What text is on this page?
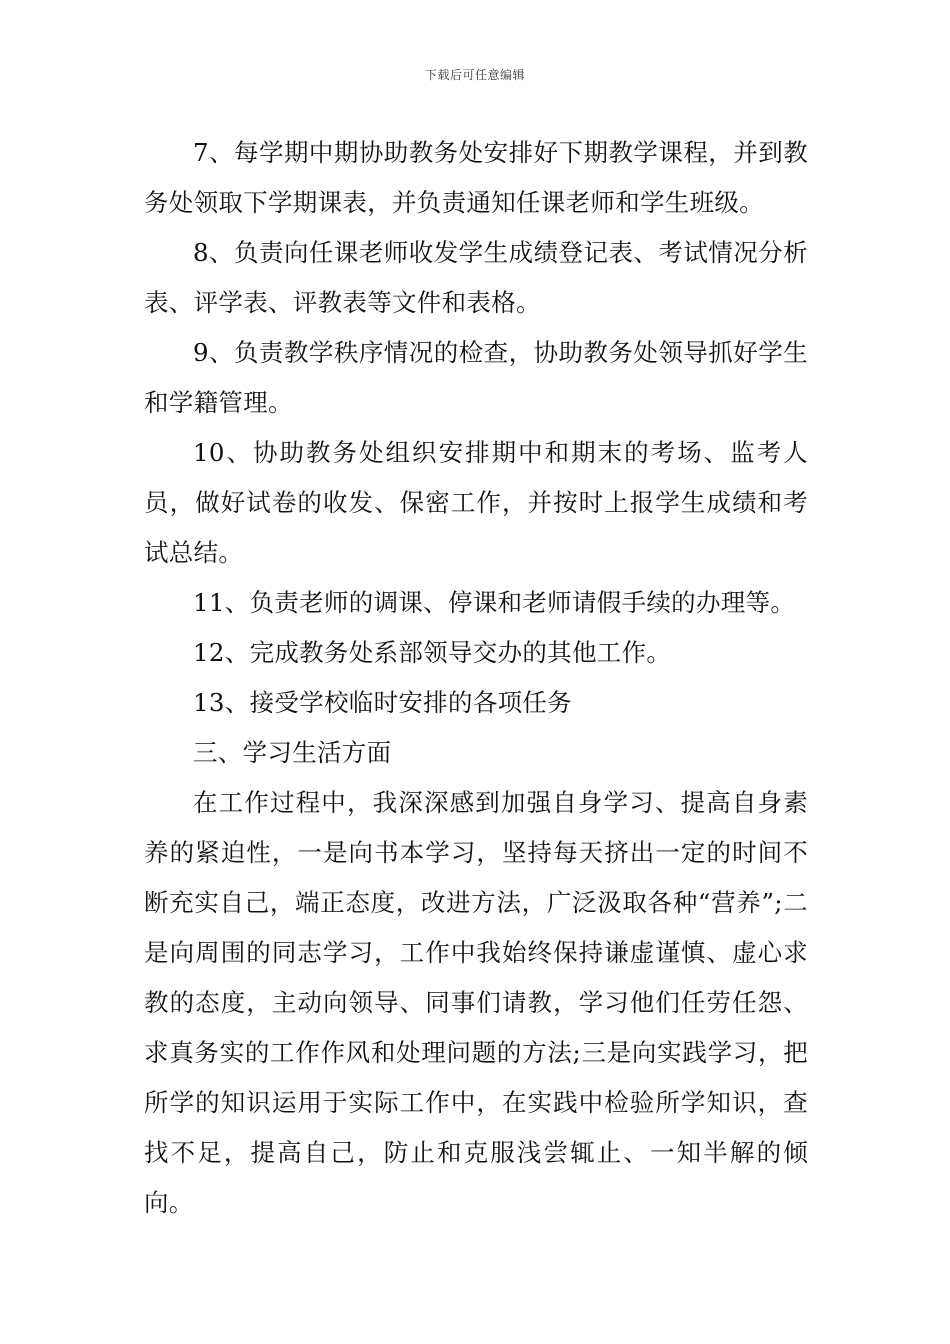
下载后可任意编辑

7、每学期中期协助教务处安排好下期教学课程，并到教务处领取下学期课表，并负责通知任课老师和学生班级。

8、负责向任课老师收发学生成绩登记表、考试情况分析表、评学表、评教表等文件和表格。

9、负责教学秩序情况的检查，协助教务处领导抓好学生和学籍管理。

10、协助教务处组织安排期中和期末的考场、监考人员，做好试卷的收发、保密工作，并按时上报学生成绩和考试总结。

11、负责老师的调课、停课和老师请假手续的办理等。

12、完成教务处系部领导交办的其他工作。

13、接受学校临时安排的各项任务

三、学习生活方面

在工作过程中，我深深感到加强自身学习、提高自身素养的紧迫性，一是向书本学习，坚持每天挤出一定的时间不断充实自己，端正态度，改进方法，广泛汲取各种“营养”;二是向周围的同志学习，工作中我始终保持谦虚谨慎、虚心求教的态度，主动向领导、同事们请教，学习他们任劳任怨、求真务实的工作作风和处理问题的方法;三是向实践学习，把所学的知识运用于实际工作中，在实践中检验所学知识，查找不足，提高自己，防止和克服浅尝辄止、一知半解的倾向。
